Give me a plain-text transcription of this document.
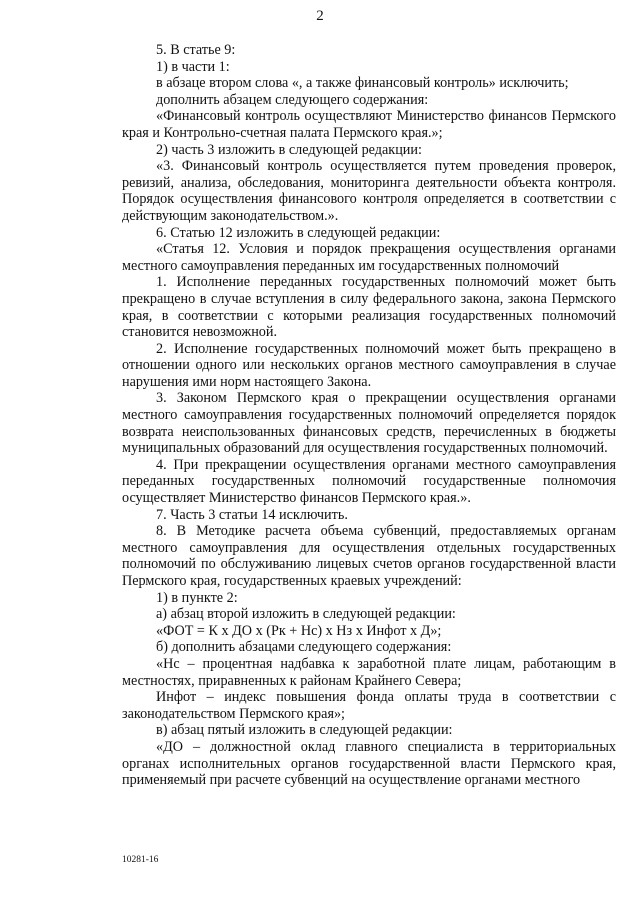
2

5. В статье 9:

1) в части 1:

в абзаце втором слова «, а также финансовый контроль» исключить;

дополнить абзацем следующего содержания:

«Финансовый контроль осуществляют Министерство финансов Пермского края и Контрольно-счетная палата Пермского края.»;

2) часть 3 изложить в следующей редакции:

«3. Финансовый контроль осуществляется путем проведения проверок, ревизий, анализа, обследования, мониторинга деятельности объекта контроля. Порядок осуществления финансового контроля определяется в соответствии с действующим законодательством.».

6. Статью 12 изложить в следующей редакции:

«Статья 12. Условия и порядок прекращения осуществления органами местного самоуправления переданных им государственных полномочий

1. Исполнение переданных государственных полномочий может быть прекращено в случае вступления в силу федерального закона, закона Пермского края, в соответствии с которыми реализация государственных полномочий становится невозможной.

2. Исполнение государственных полномочий может быть прекращено в отношении одного или нескольких органов местного самоуправления в случае нарушения ими норм настоящего Закона.

3. Законом Пермского края о прекращении осуществления органами местного самоуправления государственных полномочий определяется порядок возврата неиспользованных финансовых средств, перечисленных в бюджеты муниципальных образований для осуществления государственных полномочий.

4. При прекращении осуществления органами местного самоуправления переданных государственных полномочий государственные полномочия осуществляет Министерство финансов Пермского края.».

7. Часть 3 статьи 14 исключить.

8. В Методике расчета объема субвенций, предоставляемых органам местного самоуправления для осуществления отдельных государственных полномочий по обслуживанию лицевых счетов органов государственной власти Пермского края, государственных краевых учреждений:

1) в пункте 2:

а) абзац второй изложить в следующей редакции:

«ФОТ = К х ДО х (Рк + Нс) х Нз х Инфот х Д»;

б) дополнить абзацами следующего содержания:

«Нс – процентная надбавка к заработной плате лицам, работающим в местностях, приравненных к районам Крайнего Севера;

Инфот – индекс повышения фонда оплаты труда в соответствии с законодательством Пермского края»;

в) абзац пятый изложить в следующей редакции:

«ДО – должностной оклад главного специалиста в территориальных органах исполнительных органов государственной власти Пермского края, применяемый при расчете субвенций на осуществление органами местного

10281-16
